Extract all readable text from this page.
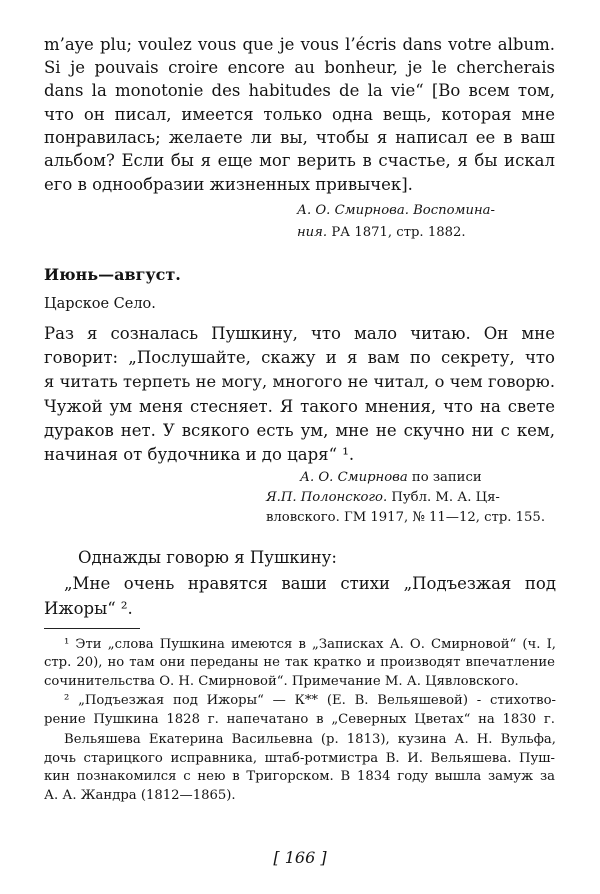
m’aye plu; voulez vous que je vous l’écris dans votre album.
Si je pouvais croire encore au bonheur, je le chercherais
dans la monotonie des habitudes de la vie“ [Во всем том,
что он писал, имеется только одна вещь, которая мне
понравилась; желаете ли вы, чтобы я написал ее в ваш
альбом? Если бы я еще мог верить в счастье, я бы искал
его в однообразии жизненных привычек].
А. О. Смирнова. Воспомина-
ния. РА 1871, стр. 1882.
Июнь—август.
Царское Село.
Раз я созналась Пушкину, что мало читаю. Он мне
говорит: „Послушайте, скажу и я вам по секрету, что
я читать терпеть не могу, многого не читал, о чем говорю.
Чужой ум меня стесняет. Я такого мнения, что на свете
дураков нет. У всякого есть ум, мне не скучно ни с кем,
начиная от будочника и до царя“ ¹.
А. О. Смирнова по записи
Я.П. Полонского. Публ. М. А. Ця-
вловского. ГМ 1917, № 11—12, стр. 155.
Однажды говорю я Пушкину:
„Мне очень нравятся ваши стихи „Подъезжая под
Ижоры“ ².
¹ Эти „слова Пушкина имеются в „Записках А. О. Смирновой“ (ч. I,
стр. 20), но там они переданы не так кратко и производят впечатление
сочинительства О. Н. Смирновой“. Примечание М. А. Цявловского.
² „Подъезжая под Ижоры“ — К** (Е. В. Вельяшевой) - стихотво-
рение Пушкина 1828 г. напечатано в „Северных Цветах“ на 1830 г.
Вельяшева Екатерина Васильевна (р. 1813), кузина А. Н. Вульфа,
дочь старицкого исправника, штаб-ротмистра В. И. Вельяшева. Пуш-
кин познакомился с нею в Тригорском. В 1834 году вышла замуж за
А. А. Жандра (1812—1865).
[ 166 ]
